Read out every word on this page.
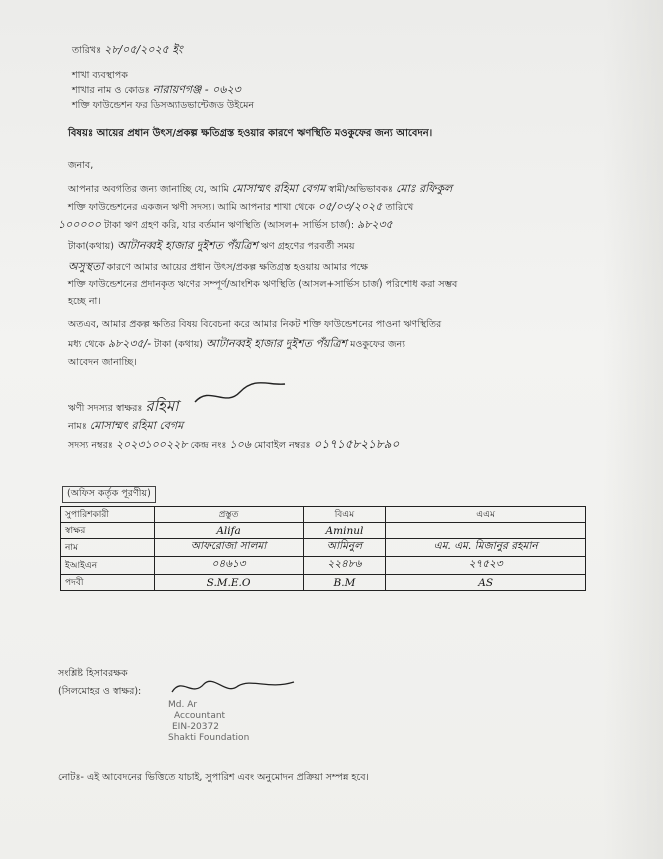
তারিখঃ ২৮/০৫/২০২৫ ইং
শাখা ব্যবস্থাপক
শাখার নাম ও কোডঃ নারায়ণগঞ্জ - ০৬২৩
শক্তি ফাউন্ডেশন ফর ডিসঅ্যাডভান্টেজড উইমেন
বিষয়ঃ আয়ের প্রধান উৎস/প্রকল্প ক্ষতিগ্রস্ত হওয়ার কারণে ঋণস্থিতি মওকুফের জন্য আবেদন।
জনাব,
আপনার অবগতির জন্য জানাচ্ছি যে, আমি মোসাম্মৎ রহিমা বেগম স্বামী/অভিভাবকঃ মোঃ রফিকুল
শক্তি ফাউন্ডেশনের একজন ঋণী সদস্য। আমি আপনার শাখা থেকে ০৫/০৩/২০২৫ তারিখে
১০০০০০ টাকা ঋণ গ্রহণ করি, যার বর্তমান ঋণস্থিতি (আসল+ সার্ভিস চার্জ): ৯৮২৩৫
টাকা(কথায়) আটানব্বই হাজার দুইশত পঁয়ত্রিশ ঋণ গ্রহণের পরবর্তী সময়
অসুস্থতা কারণে আমার আয়ের প্রধান উৎস/প্রকল্প ক্ষতিগ্রস্ত হওয়ায় আমার পক্ষে
শক্তি ফাউন্ডেশনের প্রদানকৃত ঋণের সম্পূর্ণ/আংশিক ঋণস্থিতি (আসল+সার্ভিস চার্জ) পরিশোধ করা সম্ভব
হচ্ছে না।
অতএব, আমার প্রকল্প ক্ষতির বিষয় বিবেচনা করে আমার নিকট শক্তি ফাউন্ডেশনের পাওনা ঋণস্থিতির
মধ্য থেকে ৯৮২৩৫/- টাকা (কথায়) আটানব্বই হাজার দুইশত পঁয়ত্রিশ মওকুফের জন্য
আবেদন জানাচ্ছি।
ঋণী সদস্যর স্বাক্ষরঃ রহিমা
নামঃ মোসাম্মৎ রহিমা বেগম
সদস্য নম্বরঃ ২০২৩১০০২২৮ কেন্দ্র নংঃ ১০৬ মোবাইল নম্বরঃ ০১৭১৫৮২১৮৯০
(অফিস কর্তৃক পূরণীয়)
সুপারিশকারী	প্রস্তুত	বিএম	এএম
স্বাক্ষর	Alifa	Aminul	
নাম	আফরোজা সালমা	আমিনুল	এম. এম. মিজানুর রহমান
ইআইএন	০৪৬১৩	২২৪৮৬	২৭৫২৩
পদবী	S.M.E.O	B.M	AS
সংশ্লিষ্ট হিসাবরক্ষক
(সিলমোহর ও স্বাক্ষর):
Md. Ar
Accountant
EIN-20372
Shakti Foundation
নোটঃ- এই আবেদনের ভিত্তিতে যাচাই, সুপারিশ এবং অনুমোদন প্রক্রিয়া সম্পন্ন হবে।
